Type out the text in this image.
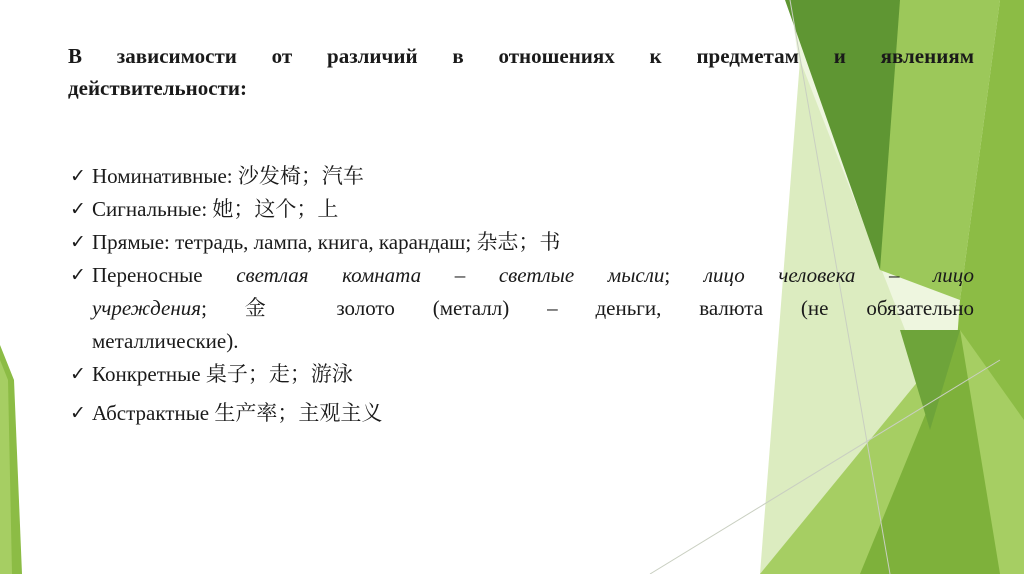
В зависимости от различий в отношениях к предметам и явлениям
действительности:

✓ Номинативные: 沙发椅；汽车
✓ Сигнальные: 她；这个；上
✓ Прямые: тетрадь, лампа, книга, карандаш; 杂志；书
✓ Переносные светлая комната – светлые мысли; лицо человека – лицо
учреждения; 金 золото (металл) – деньги, валюта (не обязательно
металлические).
✓ Конкретные 桌子；走；游泳
✓ Абстрактные 生产率；主观主义
